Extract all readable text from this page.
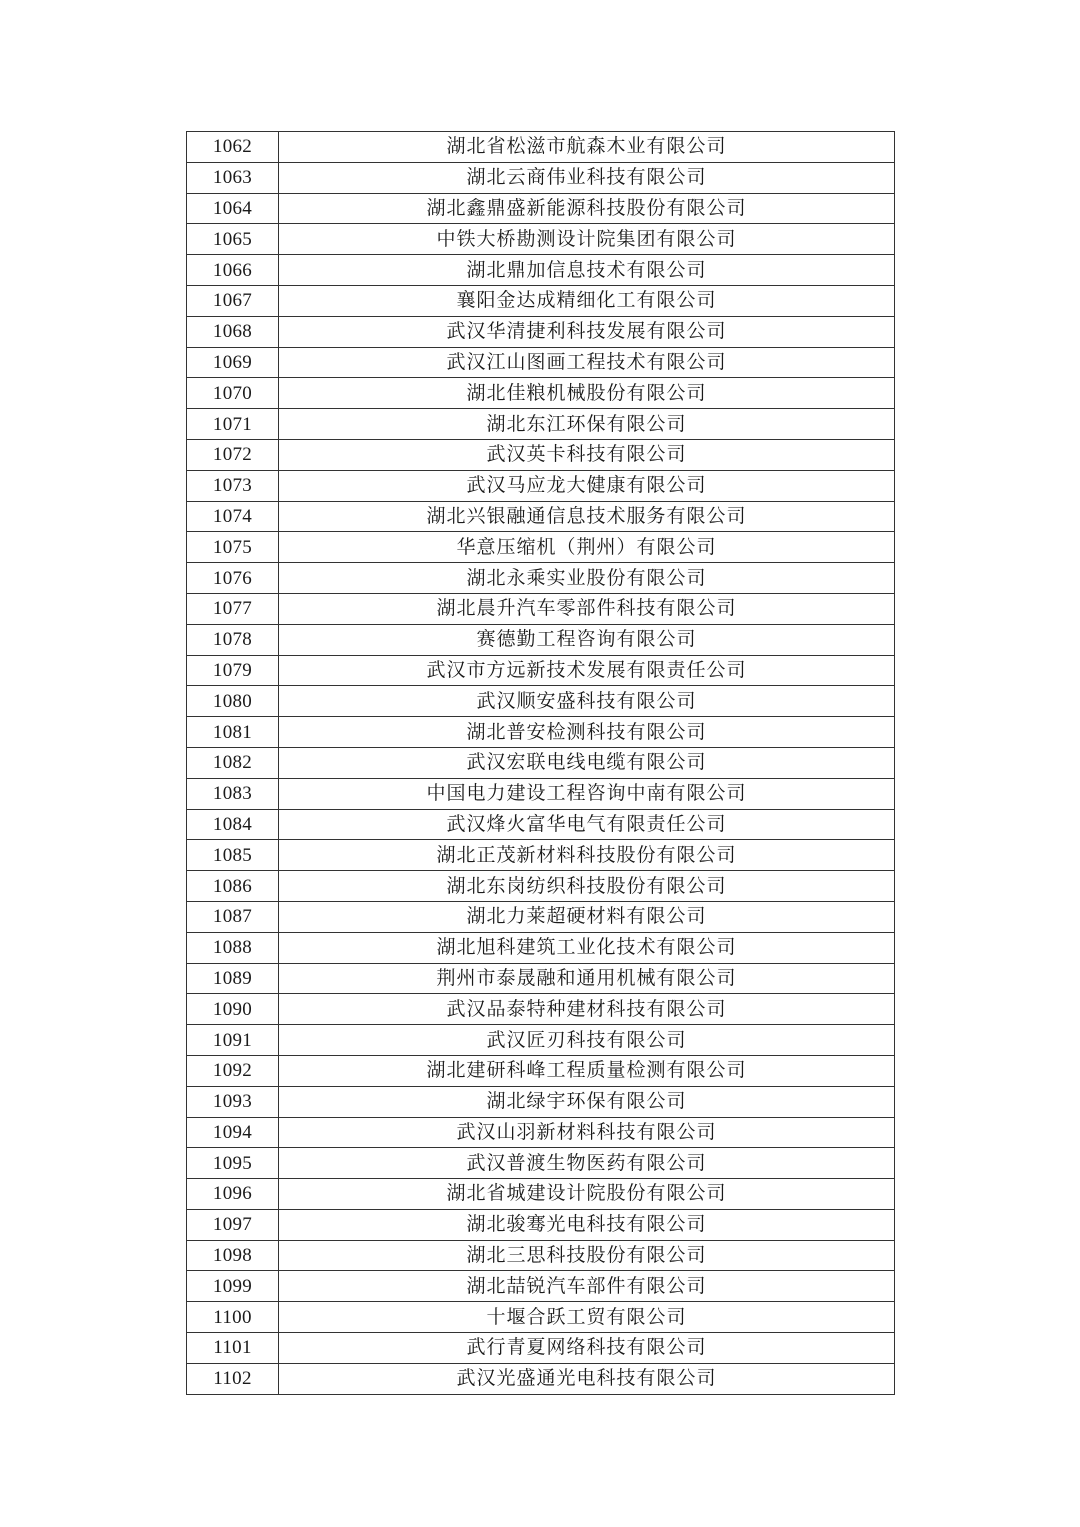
1062	湖北省松滋市航森木业有限公司
1063	湖北云商伟业科技有限公司
1064	湖北鑫鼎盛新能源科技股份有限公司
1065	中铁大桥勘测设计院集团有限公司
1066	湖北鼎加信息技术有限公司
1067	襄阳金达成精细化工有限公司
1068	武汉华清捷利科技发展有限公司
1069	武汉江山图画工程技术有限公司
1070	湖北佳粮机械股份有限公司
1071	湖北东江环保有限公司
1072	武汉英卡科技有限公司
1073	武汉马应龙大健康有限公司
1074	湖北兴银融通信息技术服务有限公司
1075	华意压缩机（荆州）有限公司
1076	湖北永乘实业股份有限公司
1077	湖北晨升汽车零部件科技有限公司
1078	赛德勤工程咨询有限公司
1079	武汉市方远新技术发展有限责任公司
1080	武汉顺安盛科技有限公司
1081	湖北普安检测科技有限公司
1082	武汉宏联电线电缆有限公司
1083	中国电力建设工程咨询中南有限公司
1084	武汉烽火富华电气有限责任公司
1085	湖北正茂新材料科技股份有限公司
1086	湖北东岗纺织科技股份有限公司
1087	湖北力莱超硬材料有限公司
1088	湖北旭科建筑工业化技术有限公司
1089	荆州市泰晟融和通用机械有限公司
1090	武汉品泰特种建材科技有限公司
1091	武汉匠刃科技有限公司
1092	湖北建研科峰工程质量检测有限公司
1093	湖北绿宇环保有限公司
1094	武汉山羽新材料科技有限公司
1095	武汉普渡生物医药有限公司
1096	湖北省城建设计院股份有限公司
1097	湖北骏骞光电科技有限公司
1098	湖北三思科技股份有限公司
1099	湖北喆锐汽车部件有限公司
1100	十堰合跃工贸有限公司
1101	武行青夏网络科技有限公司
1102	武汉光盛通光电科技有限公司
